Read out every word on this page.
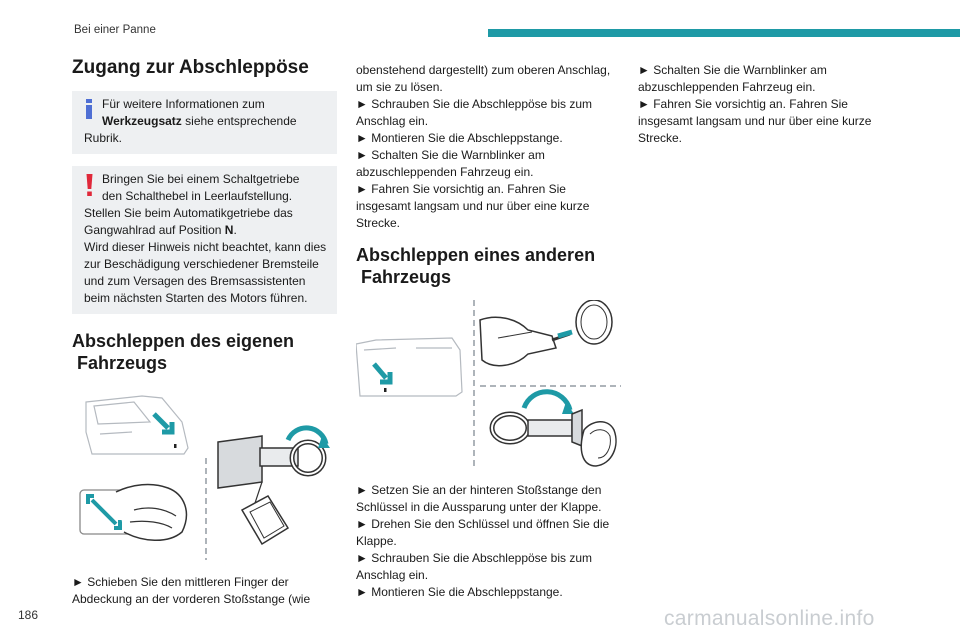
Bei einer Panne
Zugang zur Abschleppöse
Für weitere Informationen zum
Werkzeugsatz siehe entsprechende
Rubrik.
Bringen Sie bei einem Schaltgetriebe
den Schalthebel in Leerlaufstellung.
Stellen Sie beim Automatikgetriebe das
Gangwahlrad auf Position N.
Wird dieser Hinweis nicht beachtet, kann dies
zur Beschädigung verschiedener Bremsteile
und zum Versagen des Bremsassistenten
beim nächsten Starten des Motors führen.
Abschleppen des eigenen
Fahrzeugs

► Schieben Sie den mittleren Finger der

Abdeckung an der vorderen Stoßstange (wie

obenstehend dargestellt) zum oberen Anschlag,

um sie zu lösen.

► Schrauben Sie die Abschleppöse bis zum

Anschlag ein.

► Montieren Sie die Abschleppstange.

► Schalten Sie die Warnblinker am

abzuschleppenden Fahrzeug ein.

► Fahren Sie vorsichtig an. Fahren Sie

insgesamt langsam und nur über eine kurze

Strecke.

Abschleppen eines anderen
Fahrzeugs

► Setzen Sie an der hinteren Stoßstange den

Schlüssel in die Aussparung unter der Klappe.

► Drehen Sie den Schlüssel und öffnen Sie die

Klappe.

► Schrauben Sie die Abschleppöse bis zum

Anschlag ein.

► Montieren Sie die Abschleppstange.

► Schalten Sie die Warnblinker am

abzuschleppenden Fahrzeug ein.

► Fahren Sie vorsichtig an. Fahren Sie

insgesamt langsam und nur über eine kurze

Strecke.

186	carmanualsonline.info
